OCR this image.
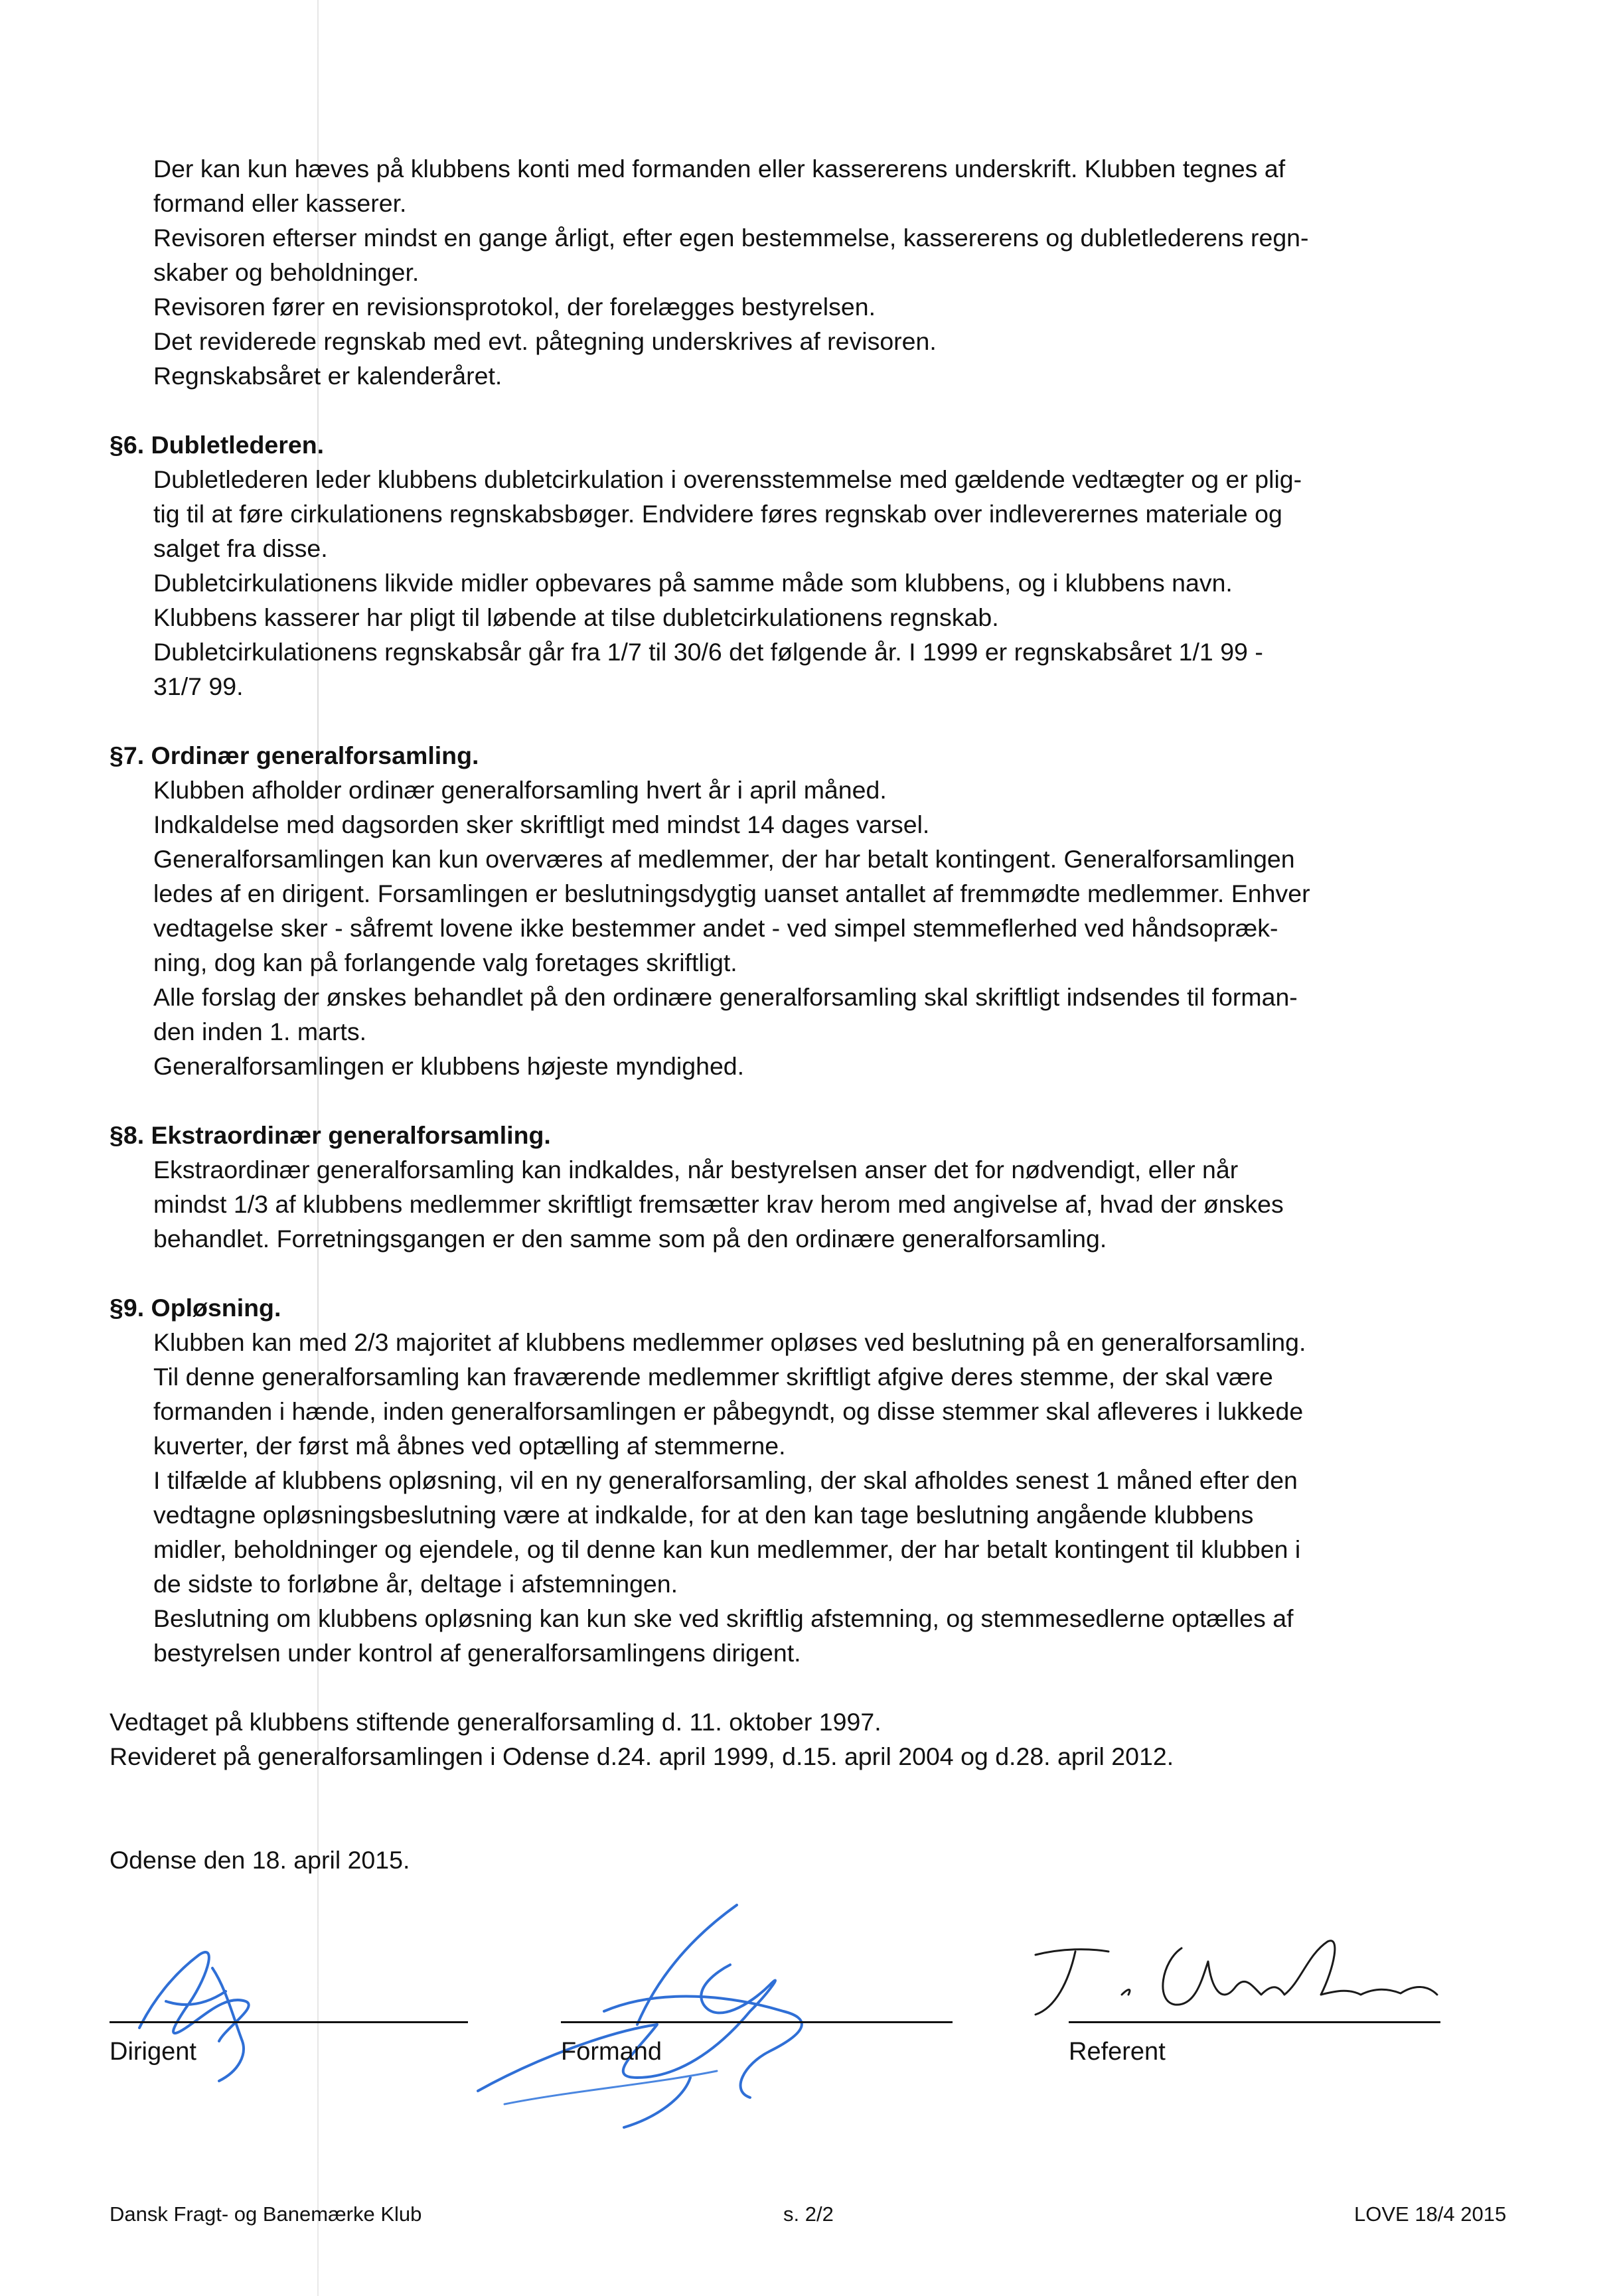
Der kan kun hæves på klubbens konti med formanden eller kassererens underskrift. Klubben tegnes af

formand eller kasserer.

Revisoren efterser mindst en gange årligt, efter egen bestemmelse, kassererens og dubletlederens regn-

skaber og beholdninger.

Revisoren fører en revisionsprotokol, der forelægges bestyrelsen.

Det reviderede regnskab med evt. påtegning underskrives af revisoren.

Regnskabsåret er kalenderåret.

§6. Dubletlederen.

Dubletlederen leder klubbens dubletcirkulation i overensstemmelse med gældende vedtægter og er plig-

tig til at føre cirkulationens regnskabsbøger. Endvidere føres regnskab over indleverernes materiale og

salget fra disse.

Dubletcirkulationens likvide midler opbevares på samme måde som klubbens, og i klubbens navn.

Klubbens kasserer har pligt til løbende at tilse dubletcirkulationens regnskab.

Dubletcirkulationens regnskabsår går fra 1/7 til 30/6 det følgende år. I 1999 er regnskabsåret 1/1 99 -

31/7 99.

§7. Ordinær generalforsamling.

Klubben afholder ordinær generalforsamling hvert år i april måned.

Indkaldelse med dagsorden sker skriftligt med mindst 14 dages varsel.

Generalforsamlingen kan kun overværes af medlemmer, der har betalt kontingent. Generalforsamlingen

ledes af en dirigent. Forsamlingen er beslutningsdygtig uanset antallet af fremmødte medlemmer. Enhver

vedtagelse sker - såfremt lovene ikke bestemmer andet - ved simpel stemmeflerhed ved håndsopræk-

ning, dog kan på forlangende valg foretages skriftligt.

Alle forslag der ønskes behandlet på den ordinære generalforsamling skal skriftligt indsendes til forman-

den inden 1. marts.

Generalforsamlingen er klubbens højeste myndighed.

§8. Ekstraordinær generalforsamling.

Ekstraordinær generalforsamling kan indkaldes, når bestyrelsen anser det for nødvendigt, eller når

mindst 1/3 af klubbens medlemmer skriftligt fremsætter krav herom med angivelse af, hvad der ønskes

behandlet. Forretningsgangen er den samme som på den ordinære generalforsamling.

§9. Opløsning.

Klubben kan med 2/3 majoritet af klubbens medlemmer opløses ved beslutning på en generalforsamling.

Til denne generalforsamling kan fraværende medlemmer skriftligt afgive deres stemme, der skal være

formanden i hænde, inden generalforsamlingen er påbegyndt, og disse stemmer skal afleveres i lukkede

kuverter, der først må åbnes ved optælling af stemmerne.

I tilfælde af klubbens opløsning, vil en ny generalforsamling, der skal afholdes senest 1 måned efter den

vedtagne opløsningsbeslutning være at indkalde, for at den kan tage beslutning angående klubbens

midler, beholdninger og ejendele, og til denne kan kun medlemmer, der har betalt kontingent til klubben i

de sidste to forløbne år, deltage i afstemningen.

Beslutning om klubbens opløsning kan kun ske ved skriftlig afstemning, og stemmesedlerne optælles af

bestyrelsen under kontrol af generalforsamlingens dirigent.

Vedtaget på klubbens stiftende generalforsamling d. 11. oktober 1997.

Revideret på generalforsamlingen i Odense d.24. april 1999, d.15. april 2004 og d.28. april 2012.

Odense den 18. april 2015.

Dirigent	Formand	Referent
Dansk Fragt- og Banemærke Klub	s. 2/2	LOVE 18/4 2015
